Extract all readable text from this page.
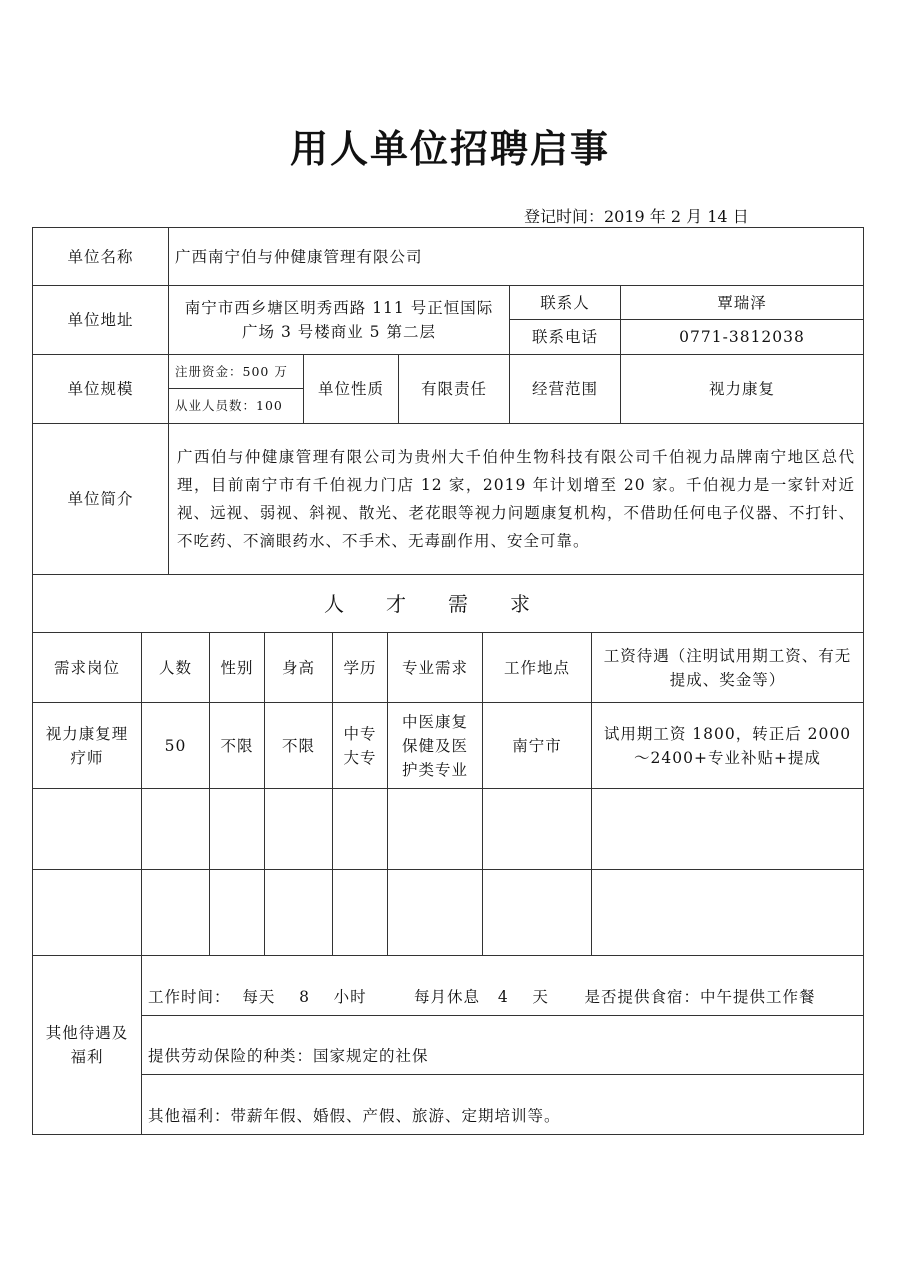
用人单位招聘启事
登记时间：2019 年 2 月 14 日
单位名称	广西南宁伯与仲健康管理有限公司				
单位地址	南宁市西乡塘区明秀西路 111 号正恒国际
广场 3 号楼商业 5 第二层			联系人	覃瑞泽
				联系电话	0771-3812038
单位规模	注册资金：500 万	单位性质	有限责任	经营范围	视力康复
	从业人员数：100				
单位简介	广西伯与仲健康管理有限公司为贵州大千伯仲生物科技有限公司千伯视力品牌南宁地区总代理，目前南宁市有千伯视力门店 12 家，2019 年计划增至 20 家。千伯视力是一家针对近视、远视、弱视、斜视、散光、老花眼等视力问题康复机构，不借助任何电子仪器、不打针、不吃药、不滴眼药水、不手术、无毒副作用、安全可靠。				
人才需求					
需求岗位	人数	性别	身高	学历	专业需求	工作地点	工资待遇（注明试用期工资、有无提成、奖金等）
视力康复理疗师	50	不限	不限	中专大专	中医康复保健及医护类专业	南宁市	试用期工资 1800，转正后 2000～2400+专业补贴+提成

其他待遇及福利	工作时间：  每天    8    小时        每月休息   4    天      是否提供食宿：中午提供工作餐						
	提供劳动保险的种类：国家规定的社保						
	其他福利：带薪年假、婚假、产假、旅游、定期培训等。						
